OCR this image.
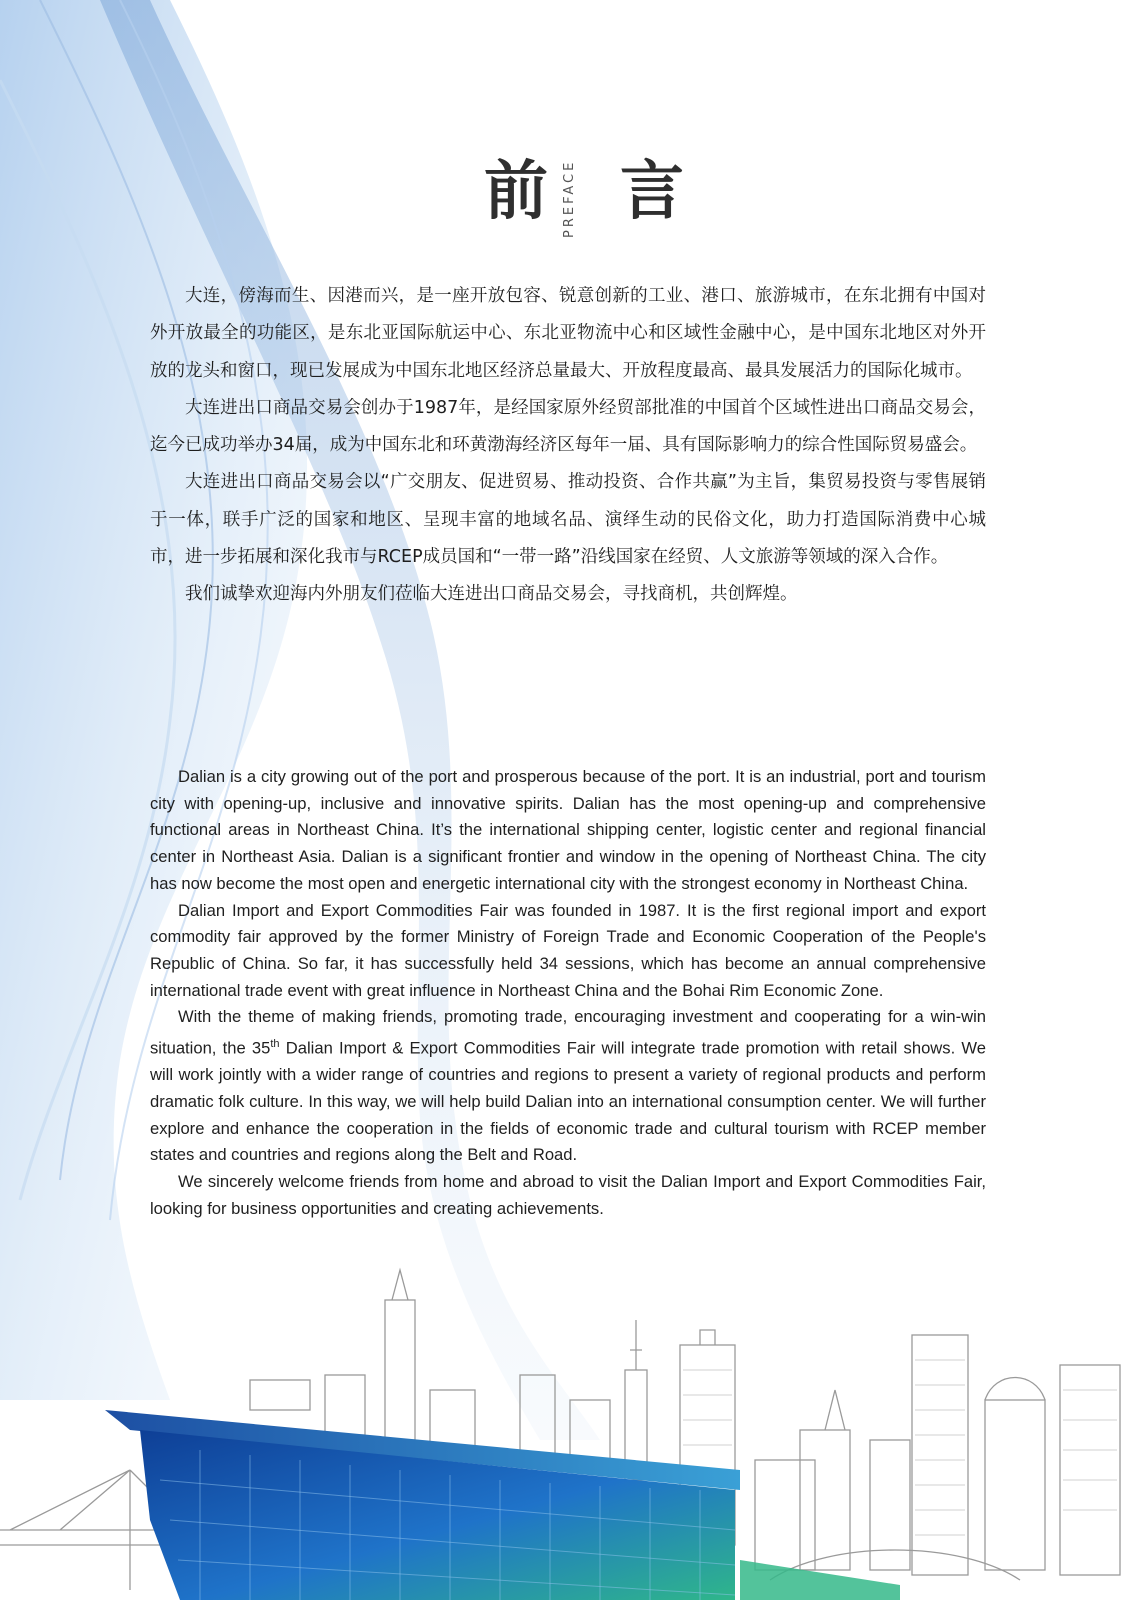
前 PREFACE 言

大连，傍海而生、因港而兴，是一座开放包容、锐意创新的工业、港口、旅游城市，在东北拥有中国对外开放最全的功能区，是东北亚国际航运中心、东北亚物流中心和区域性金融中心，是中国东北地区对外开放的龙头和窗口，现已发展成为中国东北地区经济总量最大、开放程度最高、最具发展活力的国际化城市。

大连进出口商品交易会创办于1987年，是经国家原外经贸部批准的中国首个区域性进出口商品交易会，迄今已成功举办34届，成为中国东北和环黄渤海经济区每年一届、具有国际影响力的综合性国际贸易盛会。

大连进出口商品交易会以“广交朋友、促进贸易、推动投资、合作共赢”为主旨，集贸易投资与零售展销于一体，联手广泛的国家和地区、呈现丰富的地域名品、演绎生动的民俗文化，助力打造国际消费中心城市，进一步拓展和深化我市与RCEP成员国和“一带一路”沿线国家在经贸、人文旅游等领域的深入合作。

我们诚挚欢迎海内外朋友们莅临大连进出口商品交易会，寻找商机，共创辉煌。

Dalian is a city growing out of the port and prosperous because of the port. It is an industrial, port and tourism city with opening-up, inclusive and innovative spirits. Dalian has the most opening-up and comprehensive functional areas in Northeast China. It’s the international shipping center, logistic center and regional financial center in Northeast Asia. Dalian is a significant frontier and window in the opening of Northeast China. The city has now become the most open and energetic international city with the strongest economy in Northeast China.

Dalian Import and Export Commodities Fair was founded in 1987. It is the first regional import and export commodity fair approved by the former Ministry of Foreign Trade and Economic Cooperation of the People's Republic of China. So far, it has successfully held 34 sessions, which has become an annual comprehensive international trade event with great influence in Northeast China and the Bohai Rim Economic Zone.

With the theme of making friends, promoting trade, encouraging investment and cooperating for a win-win situation, the 35th Dalian Import & Export Commodities Fair will integrate trade promotion with retail shows. We will work jointly with a wider range of countries and regions to present a variety of regional products and perform dramatic folk culture. In this way, we will help build Dalian into an international consumption center. We will further explore and enhance the cooperation in the fields of economic trade and cultural tourism with RCEP member states and countries and regions along the Belt and Road.

We sincerely welcome friends from home and abroad to visit the Dalian Import and Export Commodities Fair, looking for business opportunities and creating achievements.
